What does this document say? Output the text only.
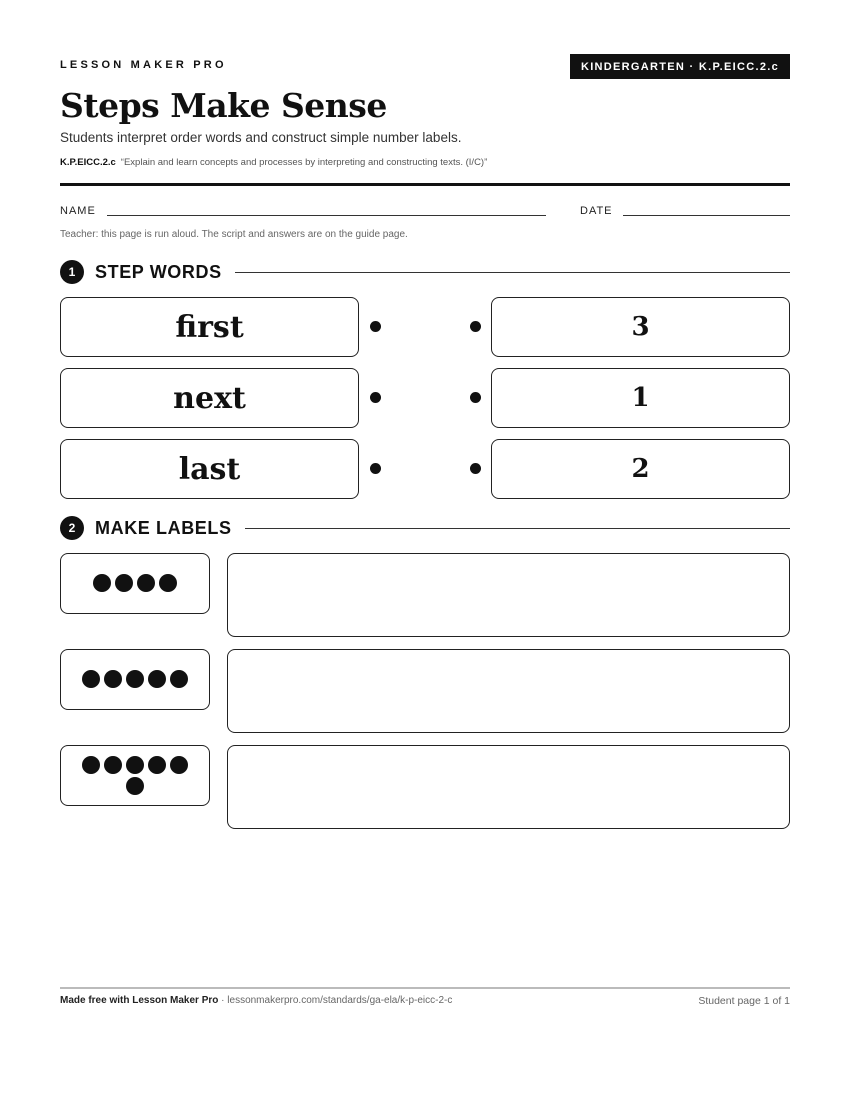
LESSON MAKER PRO	KINDERGARTEN · K.P.EICC.2.c
Steps Make Sense
Students interpret order words and construct simple number labels.
K.P.EICC.2.c “Explain and learn concepts and processes by interpreting and constructing texts. (I/C)”
NAME	DATE
Teacher: this page is run aloud. The script and answers are on the guide page.
1	STEP WORDS
first	3
next	1
last	2
2	MAKE LABELS
Made free with Lesson Maker Pro · lessonmakerpro.com/standards/ga-ela/k-p-eicc-2-c	Student page 1 of 1
